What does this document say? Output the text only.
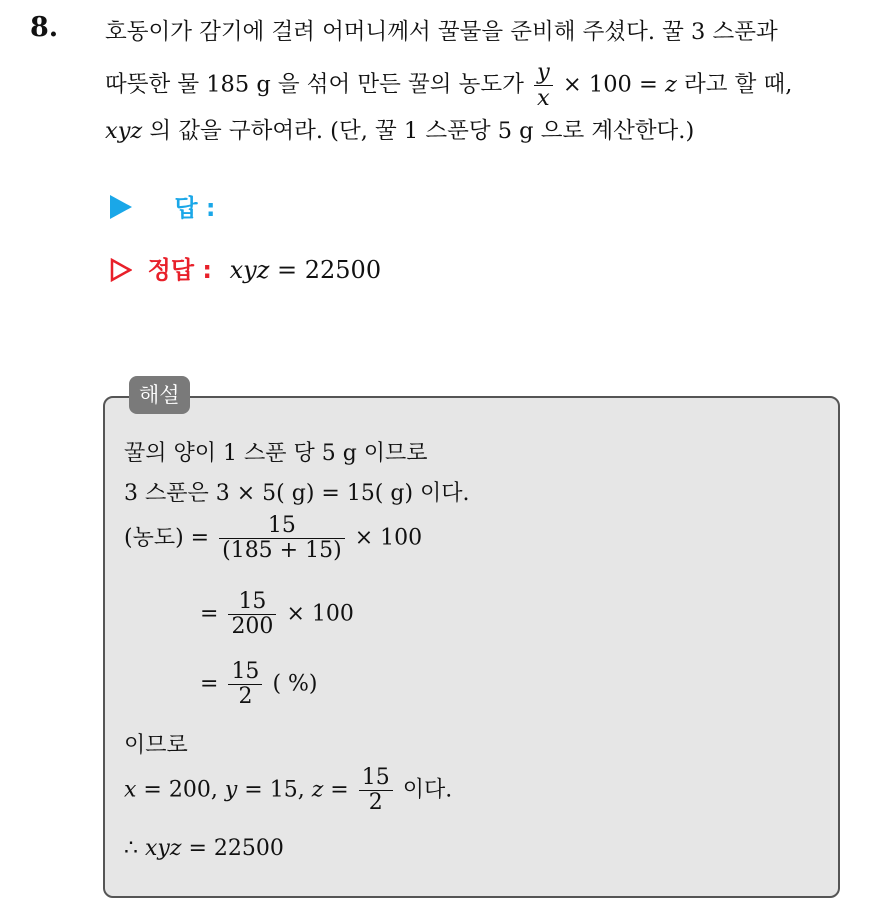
8. 호동이가 감기에 걸려 어머니께서 꿀물을 준비해 주셨다. 꿀 3 스푼과
따뜻한 물 185 g 을 섞어 만든 꿀의 농도가 $\frac{y}{x} \times 100 = z$ 라고 할 때,
xyz 의 값을 구하여라. (단, 꿀 1 스푼당 5 g 으로 계산한다.)
답 :
정답 : xyz = 22500
해설
꿀의 양이 1 스푼 당 5 g 이므로
3 스푼은 3 × 5( g) = 15( g) 이다.
(농도) = $\frac{15}{(185 + 15)} \times 100$
= $\frac{15}{200} \times 100$
= $\frac{15}{2}$ ( %)
이므로
x = 200, y = 15, $z = \frac{15}{2}$ 이다.
∴ xyz = 22500
